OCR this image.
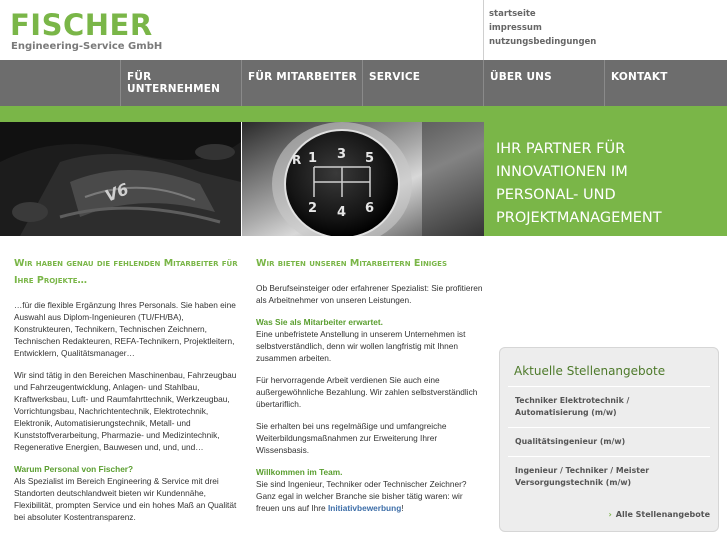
FISCHER
Engineering-Service GmbH
startseite
impressum
nutzungsbedingungen
FÜR UNTERNEHMEN
FÜR MITARBEITER	SERVICE	ÜBER UNS	KONTAKT
V6
1 3 5
R
2 4 6
IHR PARTNER FÜR
INNOVATIONEN IM
PERSONAL- UND
PROJEKTMANAGEMENT
Wir haben genau die fehlenden Mitarbeiter für Ihre Projekte…

…für die flexible Ergänzung Ihres Personals. Sie haben eine Auswahl aus Diplom-Ingenieuren (TU/FH/BA), Konstrukteuren, Technikern, Technischen Zeichnern, Technischen Redakteuren, REFA-Technikern, Projektleitern, Entwicklern, Qualitätsmanager…

Wir sind tätig in den Bereichen Maschinenbau, Fahrzeugbau und Fahrzeugentwicklung, Anlagen- und Stahlbau, Kraftwerksbau, Luft- und Raumfahrttechnik, Werkzeugbau, Vorrichtungsbau, Nachrichtentechnik, Elektrotechnik, Elektronik, Automatisierungstechnik, Metall- und Kunststoffverarbeitung, Pharmazie- und Medizintechnik, Regenerative Energien, Bauwesen und, und, und…

Warum Personal von Fischer?

Als Spezialist im Bereich Engineering & Service mit drei Standorten deutschlandweit bieten wir Kundennähe, Flexibilität, prompten Service und ein hohes Maß an Qualität bei absoluter Kostentransparenz.

Wir bieten unseren Mitarbeitern Einiges

Ob Berufseinsteiger oder erfahrener Spezialist: Sie profitieren als Arbeitnehmer von unseren Leistungen.

Was Sie als Mitarbeiter erwartet.

Eine unbefristete Anstellung in unserem Unternehmen ist selbstverständlich, denn wir wollen langfristig mit Ihnen zusammen arbeiten.

Für hervorragende Arbeit verdienen Sie auch eine außergewöhnliche Bezahlung. Wir zahlen selbstverständlich übertariflich.

Sie erhalten bei uns regelmäßige und umfangreiche Weiterbildungsmaßnahmen zur Erweiterung Ihrer Wissensbasis.

Willkommen im Team.

Sie sind Ingenieur, Techniker oder Technischer Zeichner? Ganz egal in welcher Branche sie bisher tätig waren: wir freuen uns auf Ihre Initiativbewerbung!

Aktuelle Stellenangebote
Techniker Elektrotechnik / Automatisierung (m/w)
Qualitätsingenieur (m/w)
Ingenieur / Techniker / Meister Versorgungstechnik (m/w)
› Alle Stellenangebote
